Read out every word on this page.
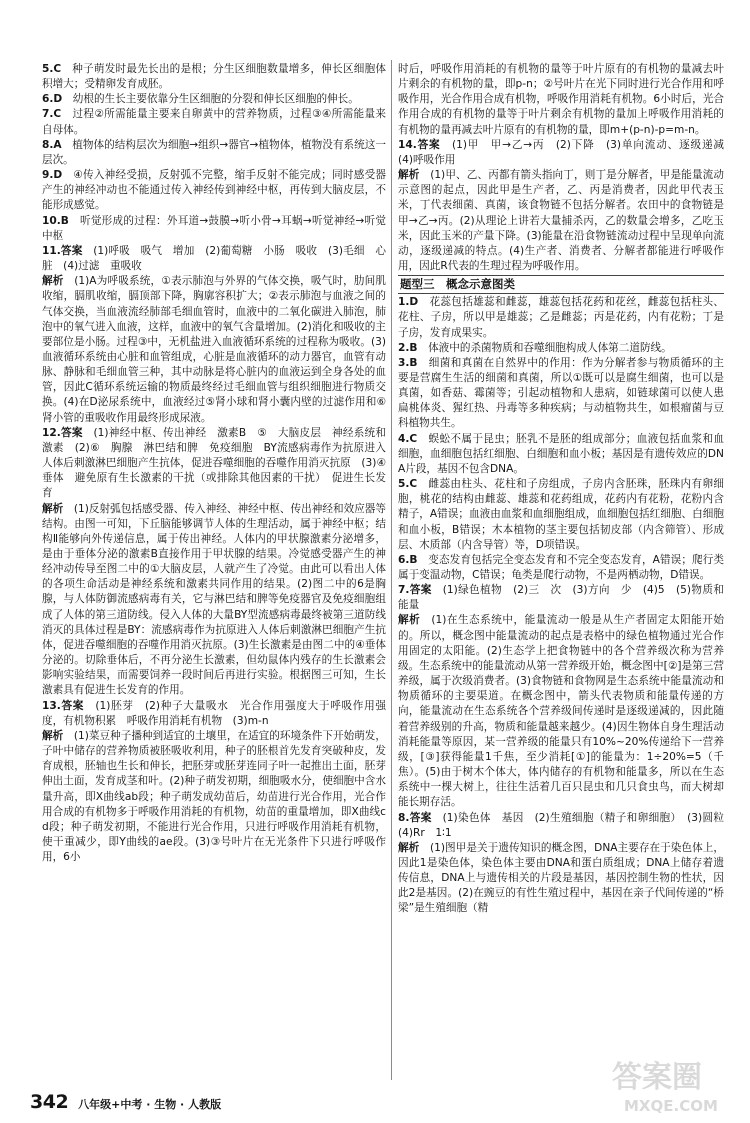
5.C　 种子萌发时最先长出的是根；分生区细胞数量增多，伸长区细胞体积增大；受精卵发育成胚。

6.D　 幼根的生长主要依靠分生区细胞的分裂和伸长区细胞的伸长。

7.C　 过程②所需能量主要来自卵黄中的营养物质，过程③④所需能量来自母体。

8.A　 植物体的结构层次为细胞→组织→器官→植物体，植物没有系统这一层次。

9.D　 ④传入神经受损，反射弧不完整，缩手反射不能完成；同时感受器产生的神经冲动也不能通过传入神经传到神经中枢，再传到大脑皮层，不能形成感觉。

10.B　 听觉形成的过程：外耳道→鼓膜→听小骨→耳蜗→听觉神经→听觉中枢

11.答案　 (1)呼吸　吸气　增加　(2)葡萄糖　小肠　吸收　(3)毛细　心脏　(4)过滤　重吸收

解析　 (1)A为呼吸系统，①表示肺泡与外界的气体交换，吸气时，肋间肌收缩，膈肌收缩，膈顶部下降，胸廓容积扩大；②表示肺泡与血液之间的气体交换，当血液流经肺部毛细血管时，血液中的二氧化碳进入肺泡，肺泡中的氧气进入血液，这样，血液中的氧气含量增加。(2)消化和吸收的主要部位是小肠。过程③中，无机盐进入血液循环系统的过程称为吸收。(3)血液循环系统由心脏和血管组成，心脏是血液循环的动力器官，血管有动脉、静脉和毛细血管三种，其中动脉是将心脏内的血液运到全身各处的血管，因此C循环系统运输的物质最终经过毛细血管与组织细胞进行物质交换。(4)在D泌尿系统中，血液经过⑤肾小球和肾小囊内壁的过滤作用和⑥肾小管的重吸收作用最终形成尿液。

12.答案　 (1)神经中枢、传出神经　激素B　⑤　大脑皮层　神经系统和激素　(2)⑥　胸腺　淋巴结和脾　免疫细胞　BY流感病毒作为抗原进入人体后刺激淋巴细胞产生抗体，促进吞噬细胞的吞噬作用消灭抗原　(3)④　垂体　避免原有生长激素的干扰（或排除其他因素的干扰）　促进生长发育

解析　 (1)反射弧包括感受器、传入神经、神经中枢、传出神经和效应器等结构。由图一可知，下丘脑能够调节人体的生理活动，属于神经中枢；结构Ⅱ能够向外传递信息，属于传出神经。人体内的甲状腺激素分泌增多，是由于垂体分泌的激素B直接作用于甲状腺的结果。冷觉感受器产生的神经冲动传导至图二中的①大脑皮层，人就产生了冷觉。由此可以看出人体的各项生命活动是神经系统和激素共同作用的结果。(2)图二中的6是胸腺，与人体防御流感病毒有关，它与淋巴结和脾等免疫器官及免疫细胞组成了人体的第三道防线。侵入人体的大量BY型流感病毒最终被第三道防线消灭的具体过程是BY：流感病毒作为抗原进入人体后刺激淋巴细胞产生抗体，促进吞噬细胞的吞噬作用消灭抗原。(3)生长激素是由图二中的④垂体分泌的。切除垂体后，不再分泌生长激素，但幼鼠体内残存的生长激素会影响实验结果，而需要饲养一段时间后再进行实验。根据图三可知，生长激素具有促进生长发育的作用。

13.答案　 (1)胚芽　(2)种子大量吸水　光合作用强度大于呼吸作用强度，有机物积累　呼吸作用消耗有机物　(3)m-n

解析　 (1)菜豆种子播种到适宜的土壤里，在适宜的环境条件下开始萌发，子叶中储存的营养物质被胚吸收利用，种子的胚根首先发育突破种皮，发育成根，胚轴也生长和伸长，把胚芽或胚芽连同子叶一起推出土面，胚芽伸出土面，发育成茎和叶。(2)种子萌发初期，细胞吸水分，使细胞中含水量升高，即X曲线ab段；种子萌发成幼苗后，幼苗进行光合作用，光合作用合成的有机物多于呼吸作用消耗的有机物，幼苗的重量增加，即X曲线cd段；种子萌发初期，不能进行光合作用，只进行呼吸作用消耗有机物，使干重减少，即Y曲线的ae段。(3)③号叶片在无光条件下只进行呼吸作用，6小

时后，呼吸作用消耗的有机物的量等于叶片原有的有机物的量减去叶片剩余的有机物的量，即p-n；②号叶片在光下同时进行光合作用和呼吸作用，光合作用合成有机物，呼吸作用消耗有机物。6小时后，光合作用合成的有机物的量等于叶片剩余有机物的量加上呼吸作用消耗的有机物的量再减去叶片原有的有机物的量，即m+(p-n)-p=m-n。

14.答案　 (1)甲　甲→乙→丙　(2)下降　(3)单向流动、逐级递减　(4)呼吸作用

解析　 (1)甲、乙、丙都有箭头指向丁，则丁是分解者，甲是能量流动示意图的起点，因此甲是生产者，乙、丙是消费者，因此甲代表玉米，丁代表细菌、真菌，该食物链不包括分解者。农田中的食物链是甲→乙→丙。(2)从理论上讲若大量捕杀丙，乙的数量会增多，乙吃玉米，因此玉米的产量下降。(3)能量在沿食物链流动过程中呈现单向流动，逐级递减的特点。(4)生产者、消费者、分解者都能进行呼吸作用，因此R代表的生理过程为呼吸作用。

题型三　概念示意图类

1.D　 花蕊包括雄蕊和雌蕊，雄蕊包括花药和花丝，雌蕊包括柱头、花柱、子房，所以甲是雄蕊；乙是雌蕊；丙是花药，内有花粉；丁是子房，发育成果实。

2.B　 体液中的杀菌物质和吞噬细胞构成人体第二道防线。

3.B　 细菌和真菌在自然界中的作用：作为分解者参与物质循环的主要是营腐生生活的细菌和真菌，所以①既可以是腐生细菌，也可以是真菌，如香菇、霉菌等；引起动植物和人患病，如链球菌可以使人患扁桃体炎、猩红热、丹毒等多种疾病；与动植物共生，如根瘤菌与豆科植物共生。

4.C　 蜈蚣不属于昆虫；胚乳不是胚的组成部分；血液包括血浆和血细胞，血细胞包括红细胞、白细胞和血小板；基因是有遗传效应的DNA片段，基因不包含DNA。

5.C　 雌蕊由柱头、花柱和子房组成，子房内含胚珠，胚珠内有卵细胞，桃花的结构由雌蕊、雄蕊和花药组成，花药内有花粉，花粉内含精子，A错误；血液由血浆和血细胞组成，血细胞包括红细胞、白细胞和血小板，B错误；木本植物的茎主要包括韧皮部（内含筛管）、形成层、木质部（内含导管）等，D项错误。

6.B　 变态发育包括完全变态发育和不完全变态发育，A错误；爬行类属于变温动物，C错误；龟类是爬行动物，不是两栖动物，D错误。

7.答案　 (1)绿色植物　(2)三　次　(3)方向　少　(4)5　(5)物质和能量

解析　 (1)在生态系统中，能量流动一般是从生产者固定太阳能开始的。所以，概念图中能量流动的起点是表格中的绿色植物通过光合作用固定的太阳能。(2)生态学上把食物链中的各个营养级次称为营养级。生态系统中的能量流动从第一营养级开始，概念图中[②]是第三营养级，属于次级消费者。(3)食物链和食物网是生态系统中能量流动和物质循环的主要渠道。在概念图中，箭头代表物质和能量传递的方向，能量流动在生态系统各个营养级间传递时是逐级递减的，因此随着营养级别的升高，物质和能量越来越少。(4)因生物体自身生理活动消耗能量等原因，某一营养级的能量只有10%~20%传递给下一营养级，[③]获得能量1千焦，至少消耗[①]的能量为：1÷20%=5（千焦）。(5)由于树木个体大，体内储存的有机物和能量多，所以在生态系统中一棵大树上，往往生活着几百只昆虫和几只食虫鸟，而大树却能长期存活。

8.答案　 (1)染色体　基因　(2)生殖细胞（精子和卵细胞）　(3)圆粒　(4)Rr　1∶1

解析　 (1)图甲是关于遗传知识的概念图，DNA主要存在于染色体上，因此1是染色体，染色体主要由DNA和蛋白质组成；DNA上储存着遗传信息，DNA上与遗传相关的片段是基因，基因控制生物的性状，因此2是基因。(2)在豌豆的有性生殖过程中，基因在亲子代间传递的“桥梁”是生殖细胞（精

342 八年级+中考 · 生物 · 人教版
答案圈
MXQE.COM
